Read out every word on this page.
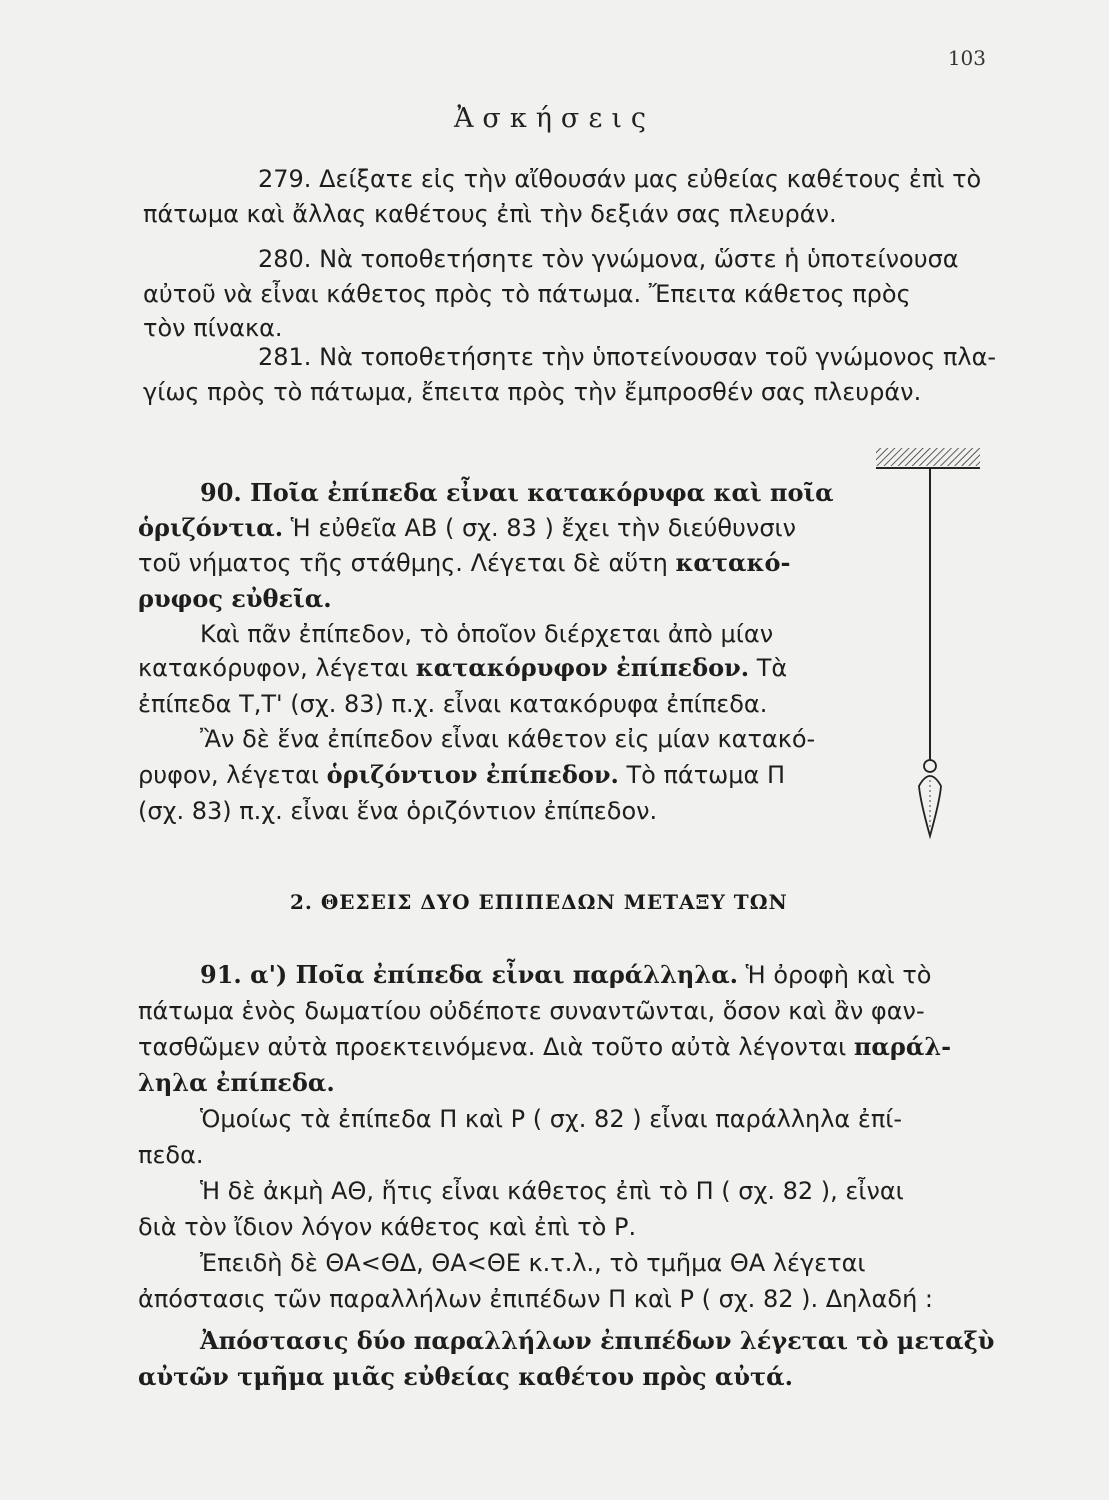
103
Ἀσκήσεις
279. Δείξατε εἰς τὴν αἴθουσάν μας εὐθείας καθέτους ἐπὶ τὸ
πάτωμα καὶ ἄλλας καθέτους ἐπὶ τὴν δεξιάν σας πλευράν.
280. Νὰ τοποθετήσητε τὸν γνώμονα, ὥστε ἡ ὑποτείνουσα
αὐτοῦ νὰ εἶναι κάθετος πρὸς τὸ πάτωμα. Ἔπειτα κάθετος πρὸς
τὸν πίνακα.
281. Νὰ τοποθετήσητε τὴν ὑποτείνουσαν τοῦ γνώμονος πλα-
γίως πρὸς τὸ πάτωμα, ἔπειτα πρὸς τὴν ἔμπροσθέν σας πλευράν.
90. Ποῖα ἐπίπεδα εἶναι κατακόρυφα καὶ ποῖα
ὁριζόντια. Ἡ εὐθεῖα ΑΒ ( σχ. 83 ) ἔχει τὴν διεύθυνσιν
τοῦ νήματος τῆς στάθμης. Λέγεται δὲ αὕτη κατακό-
ρυφος εὐθεῖα.
Καὶ πᾶν ἐπίπεδον, τὸ ὁποῖον διέρχεται ἀπὸ μίαν
κατακόρυφον, λέγεται κατακόρυφον ἐπίπεδον. Τὰ
ἐπίπεδα Τ,Τ' (σχ. 83) π.χ. εἶναι κατακόρυφα ἐπίπεδα.
Ἂν δὲ ἕνα ἐπίπεδον εἶναι κάθετον εἰς μίαν κατακό-
ρυφον, λέγεται ὁριζόντιον ἐπίπεδον. Τὸ πάτωμα Π
(σχ. 83) π.χ. εἶναι ἕνα ὁριζόντιον ἐπίπεδον.
2. ΘΕΣΕΙΣ ΔΥΟ ΕΠΙΠΕΔΩΝ ΜΕΤΑΞΥ ΤΩΝ
91. α') Ποῖα ἐπίπεδα εἶναι παράλληλα. Ἡ ὀροφὴ καὶ τὸ
πάτωμα ἑνὸς δωματίου οὐδέποτε συναντῶνται, ὅσον καὶ ἂν φαν-
τασθῶμεν αὐτὰ προεκτεινόμενα. Διὰ τοῦτο αὐτὰ λέγονται παράλ-
ληλα ἐπίπεδα.
Ὁμοίως τὰ ἐπίπεδα Π καὶ Ρ ( σχ. 82 ) εἶναι παράλληλα ἐπί-
πεδα.
Ἡ δὲ ἀκμὴ ΑΘ, ἥτις εἶναι κάθετος ἐπὶ τὸ Π ( σχ. 82 ), εἶναι
διὰ τὸν ἴδιον λόγον κάθετος καὶ ἐπὶ τὸ Ρ.
Ἐπειδὴ δὲ ΘΑ<ΘΔ, ΘΑ<ΘΕ κ.τ.λ., τὸ τμῆμα ΘΑ λέγεται
ἀπόστασις τῶν παραλλήλων ἐπιπέδων Π καὶ Ρ ( σχ. 82 ). Δηλαδή :
Ἀπόστασις δύο παραλλήλων ἐπιπέδων λέγεται τὸ μεταξὺ
αὐτῶν τμῆμα μιᾶς εὐθείας καθέτου πρὸς αὐτά.
